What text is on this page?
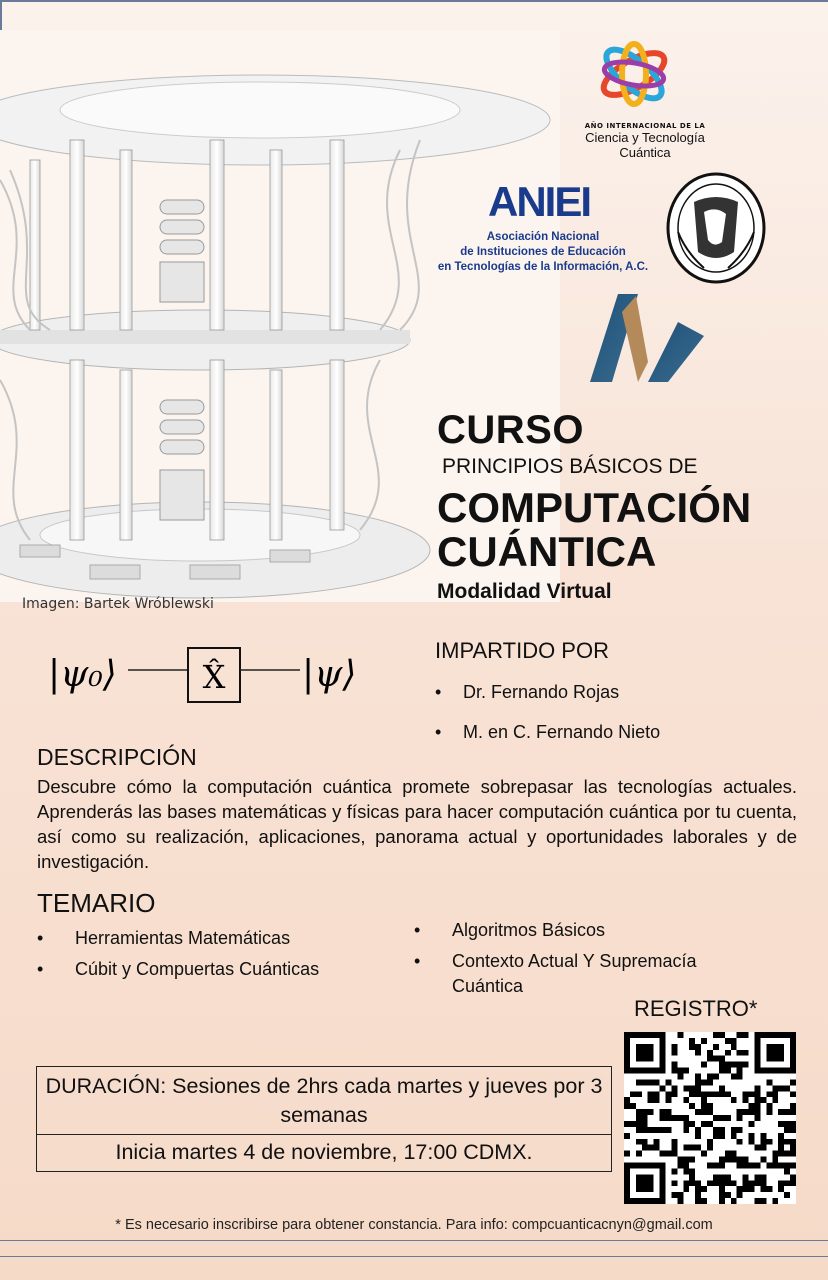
Imagen: Bartek Wróblewski
AÑO INTERNACIONAL DE LA
Ciencia y Tecnología
Cuántica
ANIEI
Asociación Nacional
de Instituciones de Educación
en Tecnologías de la Información, A.C.
CURSO
PRINCIPIOS BÁSICOS DE
COMPUTACIÓN
CUÁNTICA
Modalidad Virtual
|ψ₀⟩	X̂ |ψ⟩
IMPARTIDO POR
•	Dr. Fernando Rojas
•	M. en C. Fernando Nieto
DESCRIPCIÓN
Descubre cómo la computación cuántica promete sobrepasar las tecnologías actuales. Aprenderás las bases matemáticas y físicas para hacer computación cuántica por tu cuenta, así como su realización, aplicaciones, panorama actual y oportunidades laborales y de investigación.
TEMARIO
•	Herramientas Matemáticas
•	Cúbit y Compuertas Cuánticas
•	Algoritmos Básicos
•	Contexto Actual Y Supremacía Cuántica
REGISTRO*
DURACIÓN: Sesiones de 2hrs cada martes y jueves por 3 semanas
Inicia martes 4 de noviembre, 17:00 CDMX.
* Es necesario inscribirse para obtener constancia. Para info: compcuanticacnyn@gmail.com
